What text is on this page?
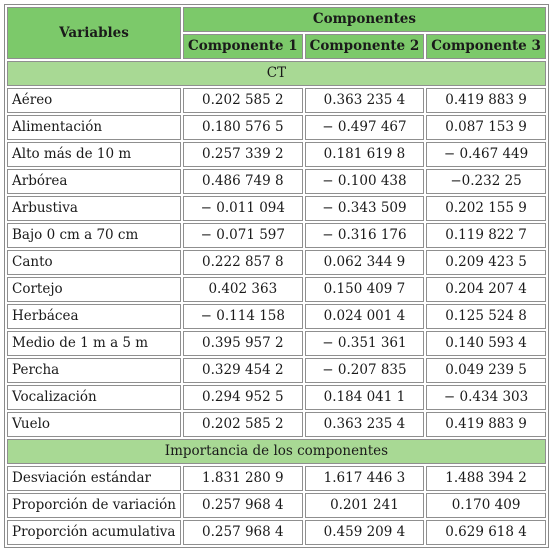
Variables	Componentes		
	Componente 1	Componente 2	Componente 3
CT			
Aéreo	0.202 585 2	0.363 235 4	0.419 883 9
Alimentación	0.180 576 5	− 0.497 467	0.087 153 9
Alto más de 10 m	0.257 339 2	0.181 619 8	− 0.467 449
Arbórea	0.486 749 8	− 0.100 438	−0.232 25
Arbustiva	− 0.011 094	− 0.343 509	0.202 155 9
Bajo 0 cm a 70 cm	− 0.071 597	− 0.316 176	0.119 822 7
Canto	0.222 857 8	0.062 344 9	0.209 423 5
Cortejo	0.402 363	0.150 409 7	0.204 207 4
Herbácea	− 0.114 158	0.024 001 4	0.125 524 8
Medio de 1 m a 5 m	0.395 957 2	− 0.351 361	0.140 593 4
Percha	0.329 454 2	− 0.207 835	0.049 239 5
Vocalización	0.294 952 5	0.184 041 1	− 0.434 303
Vuelo	0.202 585 2	0.363 235 4	0.419 883 9
Importancia de los componentes			
Desviación estándar	1.831 280 9	1.617 446 3	1.488 394 2
Proporción de variación	0.257 968 4	0.201 241	0.170 409
Proporción acumulativa	0.257 968 4	0.459 209 4	0.629 618 4
